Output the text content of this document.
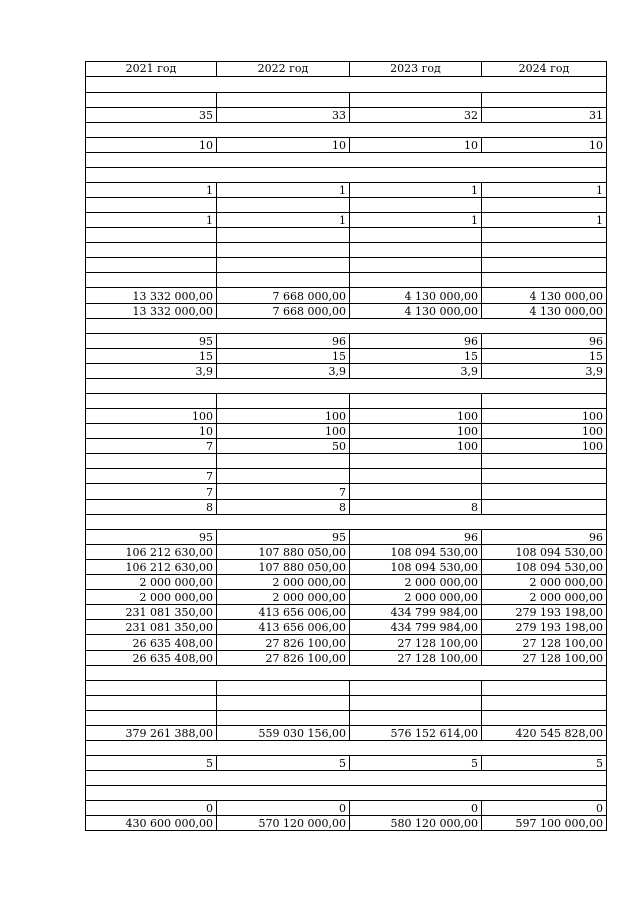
2021 год	2022 год	2023 год	2024 год
35	33	32	31
10	10	10	10
1	1	1	1
1	1	1	1
13 332 000,00	7 668 000,00	4 130 000,00	4 130 000,00
13 332 000,00	7 668 000,00	4 130 000,00	4 130 000,00
95	96	96	96
15	15	15	15
3,9	3,9	3,9	3,9
100	100	100	100
10	100	100	100
7	50	100	100
7
7	7
8	8	8
95	95	96	96
106 212 630,00	107 880 050,00	108 094 530,00	108 094 530,00
106 212 630,00	107 880 050,00	108 094 530,00	108 094 530,00
2 000 000,00	2 000 000,00	2 000 000,00	2 000 000,00
2 000 000,00	2 000 000,00	2 000 000,00	2 000 000,00
231 081 350,00	413 656 006,00	434 799 984,00	279 193 198,00
231 081 350,00	413 656 006,00	434 799 984,00	279 193 198,00
26 635 408,00	27 826 100,00	27 128 100,00	27 128 100,00
26 635 408,00	27 826 100,00	27 128 100,00	27 128 100,00
379 261 388,00	559 030 156,00	576 152 614,00	420 545 828,00
5	5	5	5
0	0	0	0
430 600 000,00	570 120 000,00	580 120 000,00	597 100 000,00
